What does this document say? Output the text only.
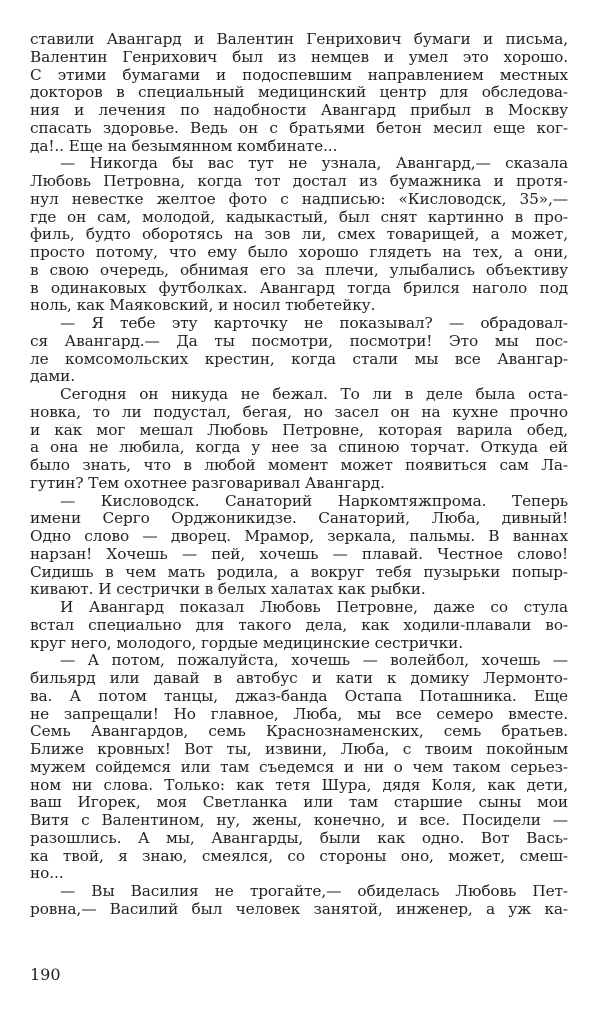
ставили Авангард и Валентин Генрихович бумаги и письма,
Валентин Генрихович был из немцев и умел это хорошо.
С этими бумагами и подоспевшим направлением местных
докторов в специальный медицинский центр для обследова-
ния и лечения по надобности Авангард прибыл в Москву
спасать здоровье. Ведь он с братьями бетон месил еще ког-
да!.. Еще на безымянном комбинате...
— Никогда бы вас тут не узнала, Авангард,— сказала
Любовь Петровна, когда тот достал из бумажника и протя-
нул невестке желтое фото с надписью: «Кисловодск, 35»,—
где он сам, молодой, кадыкастый, был снят картинно в про-
филь, будто оборотясь на зов ли, смех товарищей, а может,
просто потому, что ему было хорошо глядеть на тех, а они,
в свою очередь, обнимая его за плечи, улыбались объективу
в одинаковых футболках. Авангард тогда брился наголо под
ноль, как Маяковский, и носил тюбетейку.
— Я тебе эту карточку не показывал? — обрадовал-
ся Авангард.— Да ты посмотри, посмотри! Это мы пос-
ле комсомольских крестин, когда стали мы все Авангар-
дами.
Сегодня он никуда не бежал. То ли в деле была оста-
новка, то ли подустал, бегая, но засел он на кухне прочно
и как мог мешал Любовь Петровне, которая варила обед,
а она не любила, когда у нее за спиною торчат. Откуда ей
было знать, что в любой момент может появиться сам Ла-
гутин? Тем охотнее разговаривал Авангард.
— Кисловодск. Санаторий Наркомтяжпрома. Теперь
имени Серго Орджоникидзе. Санаторий, Люба, дивный!
Одно слово — дворец. Мрамор, зеркала, пальмы. В ваннах
нарзан! Хочешь — пей, хочешь — плавай. Честное слово!
Сидишь в чем мать родила, а вокруг тебя пузырьки попыр-
кивают. И сестрички в белых халатах как рыбки.
И Авангард показал Любовь Петровне, даже со стула
встал специально для такого дела, как ходили-плавали во-
круг него, молодого, гордые медицинские сестрички.
— А потом, пожалуйста, хочешь — волейбол, хочешь —
бильярд или давай в автобус и кати к домику Лермонто-
ва. А потом танцы, джаз-банда Остапа Поташника. Еще
не запрещали! Но главное, Люба, мы все семеро вместе.
Семь Авангардов, семь Краснознаменских, семь братьев.
Ближе кровных! Вот ты, извини, Люба, с твоим покойным
мужем сойдемся или там съедемся и ни о чем таком серьез-
ном ни слова. Только: как тетя Шура, дядя Коля, как дети,
ваш Игорек, моя Светланка или там старшие сыны мои
Витя с Валентином, ну, жены, конечно, и все. Посидели —
разошлись. А мы, Авангарды, были как одно. Вот Вась-
ка твой, я знаю, смеялся, со стороны оно, может, смеш-
но...
— Вы Василия не трогайте,— обиделась Любовь Пет-
ровна,— Василий был человек занятой, инженер, а уж ка-
190
